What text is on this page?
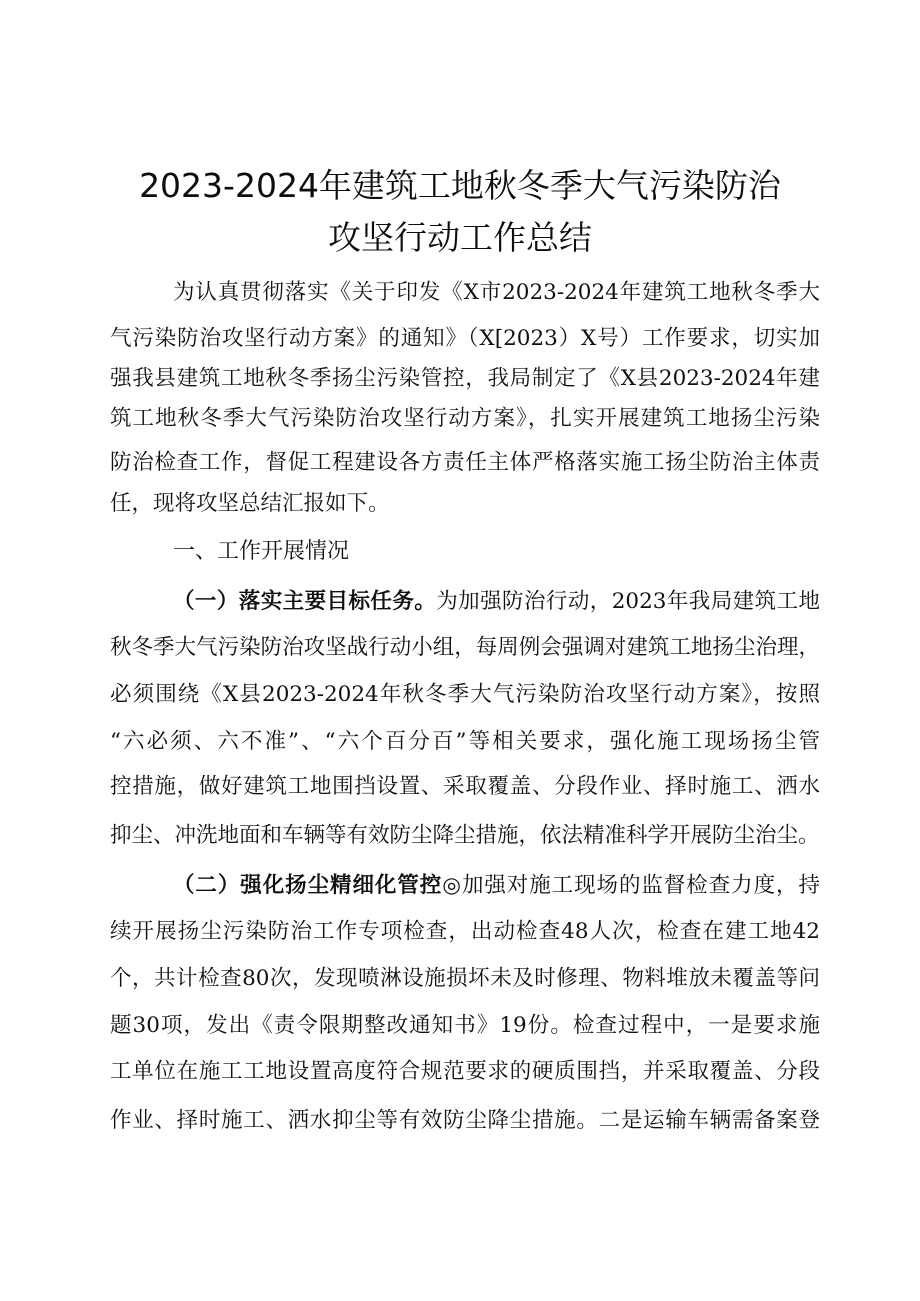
2023-2024年建筑工地秋冬季大气污染防治
攻坚行动工作总结
为认真贯彻落实《关于印发《X市2023-2024年建筑工地秋冬季大
气污染防治攻坚行动方案》的通知》（X[2023）X号）工作要求，切实加
强我县建筑工地秋冬季扬尘污染管控，我局制定了《X县2023-2024年建
筑工地秋冬季大气污染防治攻坚行动方案》，扎实开展建筑工地扬尘污染
防治检查工作，督促工程建设各方责任主体严格落实施工扬尘防治主体责
任，现将攻坚总结汇报如下。
一、工作开展情况
（一）落实主要目标任务。为加强防治行动，2023年我局建筑工地
秋冬季大气污染防治攻坚战行动小组，每周例会强调对建筑工地扬尘治理，
必须围绕《X县2023-2024年秋冬季大气污染防治攻坚行动方案》，按照
“六必须、六不准”、“六个百分百”等相关要求，强化施工现场扬尘管
控措施，做好建筑工地围挡设置、采取覆盖、分段作业、择时施工、洒水
抑尘、冲洗地面和车辆等有效防尘降尘措施，依法精准科学开展防尘治尘。
（二）强化扬尘精细化管控◎加强对施工现场的监督检查力度，持
续开展扬尘污染防治工作专项检查，出动检查48人次，检查在建工地42
个，共计检查80次，发现喷淋设施损坏未及时修理、物料堆放未覆盖等问
题30项，发出《责令限期整改通知书》19份。检查过程中，一是要求施
工单位在施工工地设置高度符合规范要求的硬质围挡，并采取覆盖、分段
作业、择时施工、洒水抑尘等有效防尘降尘措施。二是运输车辆需备案登
